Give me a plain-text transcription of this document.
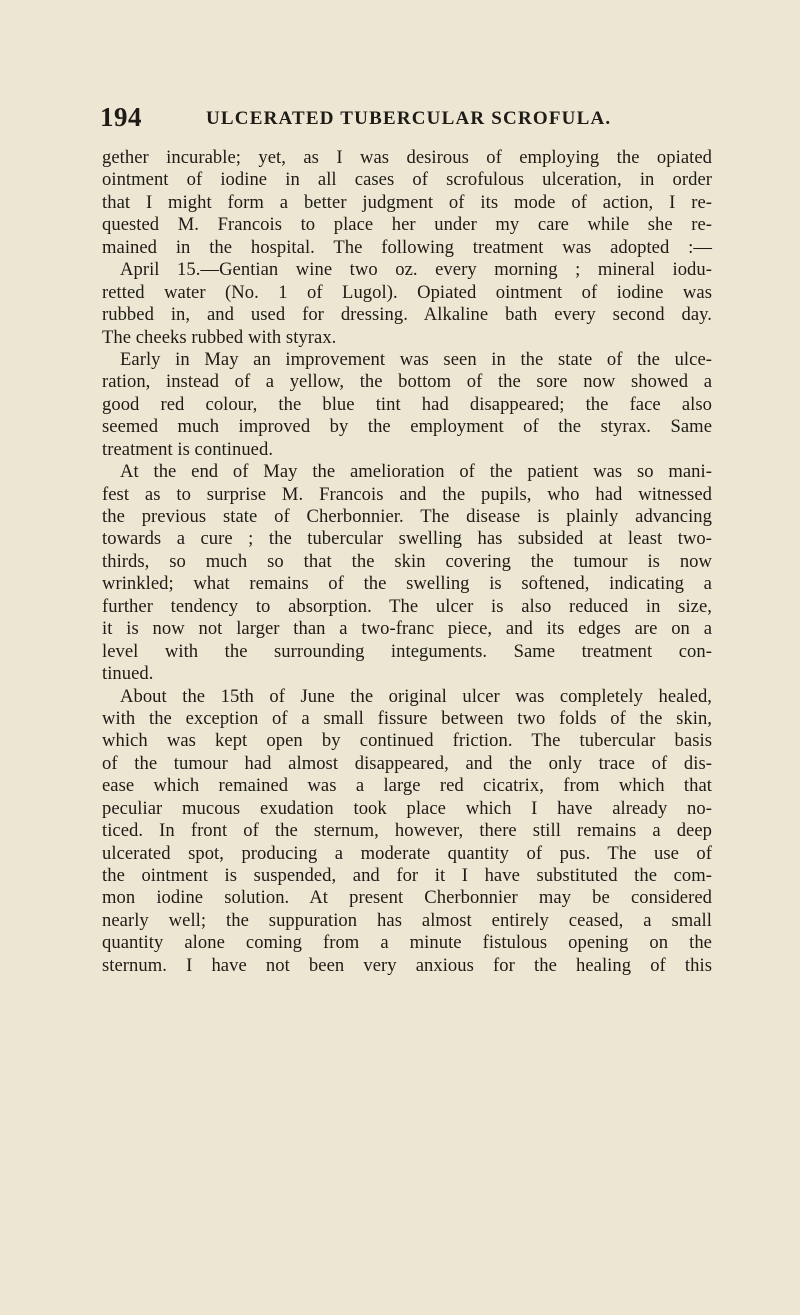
194	ULCERATED TUBERCULAR SCROFULA.
gether incurable; yet, as I was desirous of employing the opiated
ointment of iodine in all cases of scrofulous ulceration, in order
that I might form a better judgment of its mode of action, I re-
quested M. Francois to place her under my care while she re-
mained in the hospital. The following treatment was adopted :—
April 15.—Gentian wine two oz. every morning ; mineral iodu-
retted water (No. 1 of Lugol). Opiated ointment of iodine was
rubbed in, and used for dressing. Alkaline bath every second day.
The cheeks rubbed with styrax.
Early in May an improvement was seen in the state of the ulce-
ration, instead of a yellow, the bottom of the sore now showed a
good red colour, the blue tint had disappeared; the face also
seemed much improved by the employment of the styrax. Same
treatment is continued.
At the end of May the amelioration of the patient was so mani-
fest as to surprise M. Francois and the pupils, who had witnessed
the previous state of Cherbonnier. The disease is plainly advancing
towards a cure ; the tubercular swelling has subsided at least two-
thirds, so much so that the skin covering the tumour is now
wrinkled; what remains of the swelling is softened, indicating a
further tendency to absorption. The ulcer is also reduced in size,
it is now not larger than a two-franc piece, and its edges are on a
level with the surrounding integuments. Same treatment con-
tinued.
About the 15th of June the original ulcer was completely healed,
with the exception of a small fissure between two folds of the skin,
which was kept open by continued friction. The tubercular basis
of the tumour had almost disappeared, and the only trace of dis-
ease which remained was a large red cicatrix, from which that
peculiar mucous exudation took place which I have already no-
ticed. In front of the sternum, however, there still remains a deep
ulcerated spot, producing a moderate quantity of pus. The use of
the ointment is suspended, and for it I have substituted the com-
mon iodine solution. At present Cherbonnier may be considered
nearly well; the suppuration has almost entirely ceased, a small
quantity alone coming from a minute fistulous opening on the
sternum. I have not been very anxious for the healing of this
